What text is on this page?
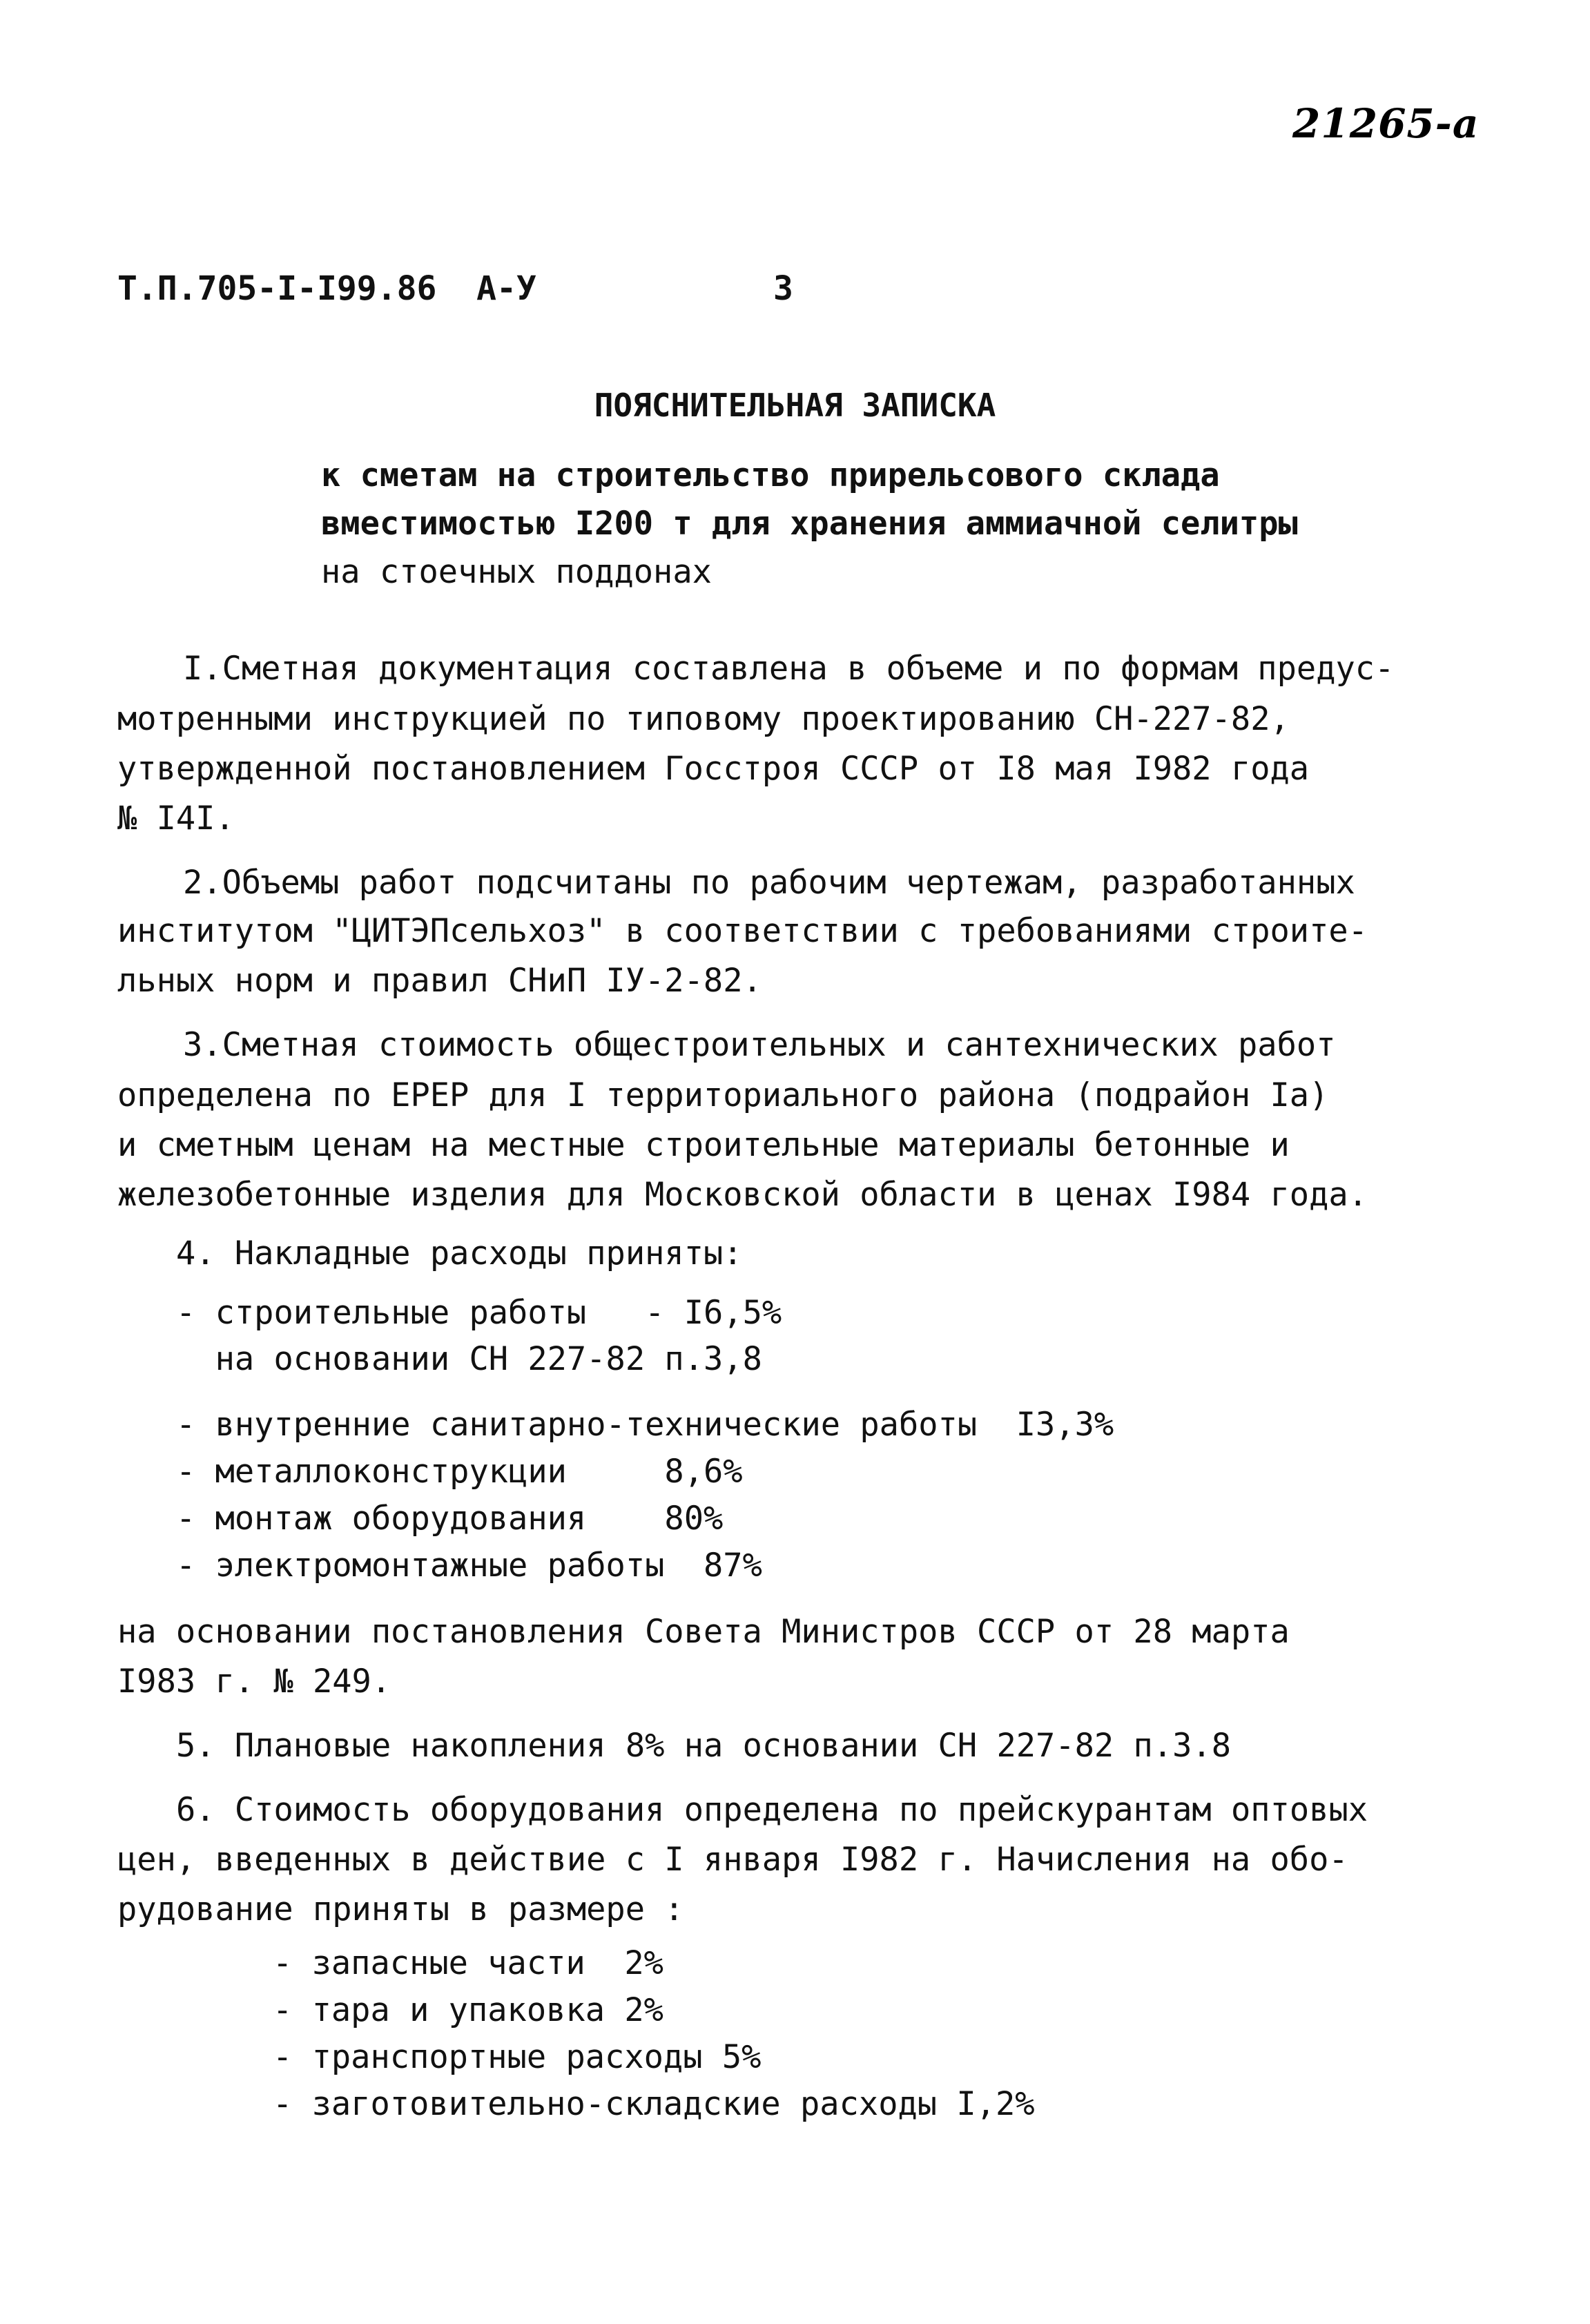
21265-а
Т.П.705-I-I99.86  А-У	3
ПОЯСНИТЕЛЬНАЯ ЗАПИСКА
к сметам на строительство прирельсового склада
вместимостью I200 т для хранения аммиачной селитры
на стоечных поддонах
I.Сметная документация составлена в объеме и по формам предус-
мотренными инструкцией по типовому проектированию СН-227-82,
утвержденной постановлением Госстроя СССР от I8 мая I982 года
№ I4I.
2.Объемы работ подсчитаны по рабочим чертежам, разработанных
институтом "ЦИТЭПсельхоз" в соответствии с требованиями строите-
льных норм и правил СНиП IУ-2-82.
3.Сметная стоимость общестроительных и сантехнических работ
определена по ЕРЕР для I территориального района (подрайон Iа)
и сметным ценам на местные строительные материалы бетонные и
железобетонные изделия для Московской области в ценах I984 года.
4. Накладные расходы приняты:
- строительные работы   - I6,5%
на основании СН 227-82 п.3,8
- внутренние санитарно-технические работы  I3,3%
- металлоконструкции     8,6%
- монтаж оборудования    80%
- электромонтажные работы  87%
на основании постановления Совета Министров СССР от 28 марта
I983 г. № 249.
5. Плановые накопления 8% на основании СН 227-82 п.3.8
6. Стоимость оборудования определена по прейскурантам оптовых
цен, введенных в действие с I января I982 г. Начисления на обо-
рудование приняты в размере :
- запасные части  2%
- тара и упаковка 2%
- транспортные расходы 5%
- заготовительно-складские расходы I,2%
